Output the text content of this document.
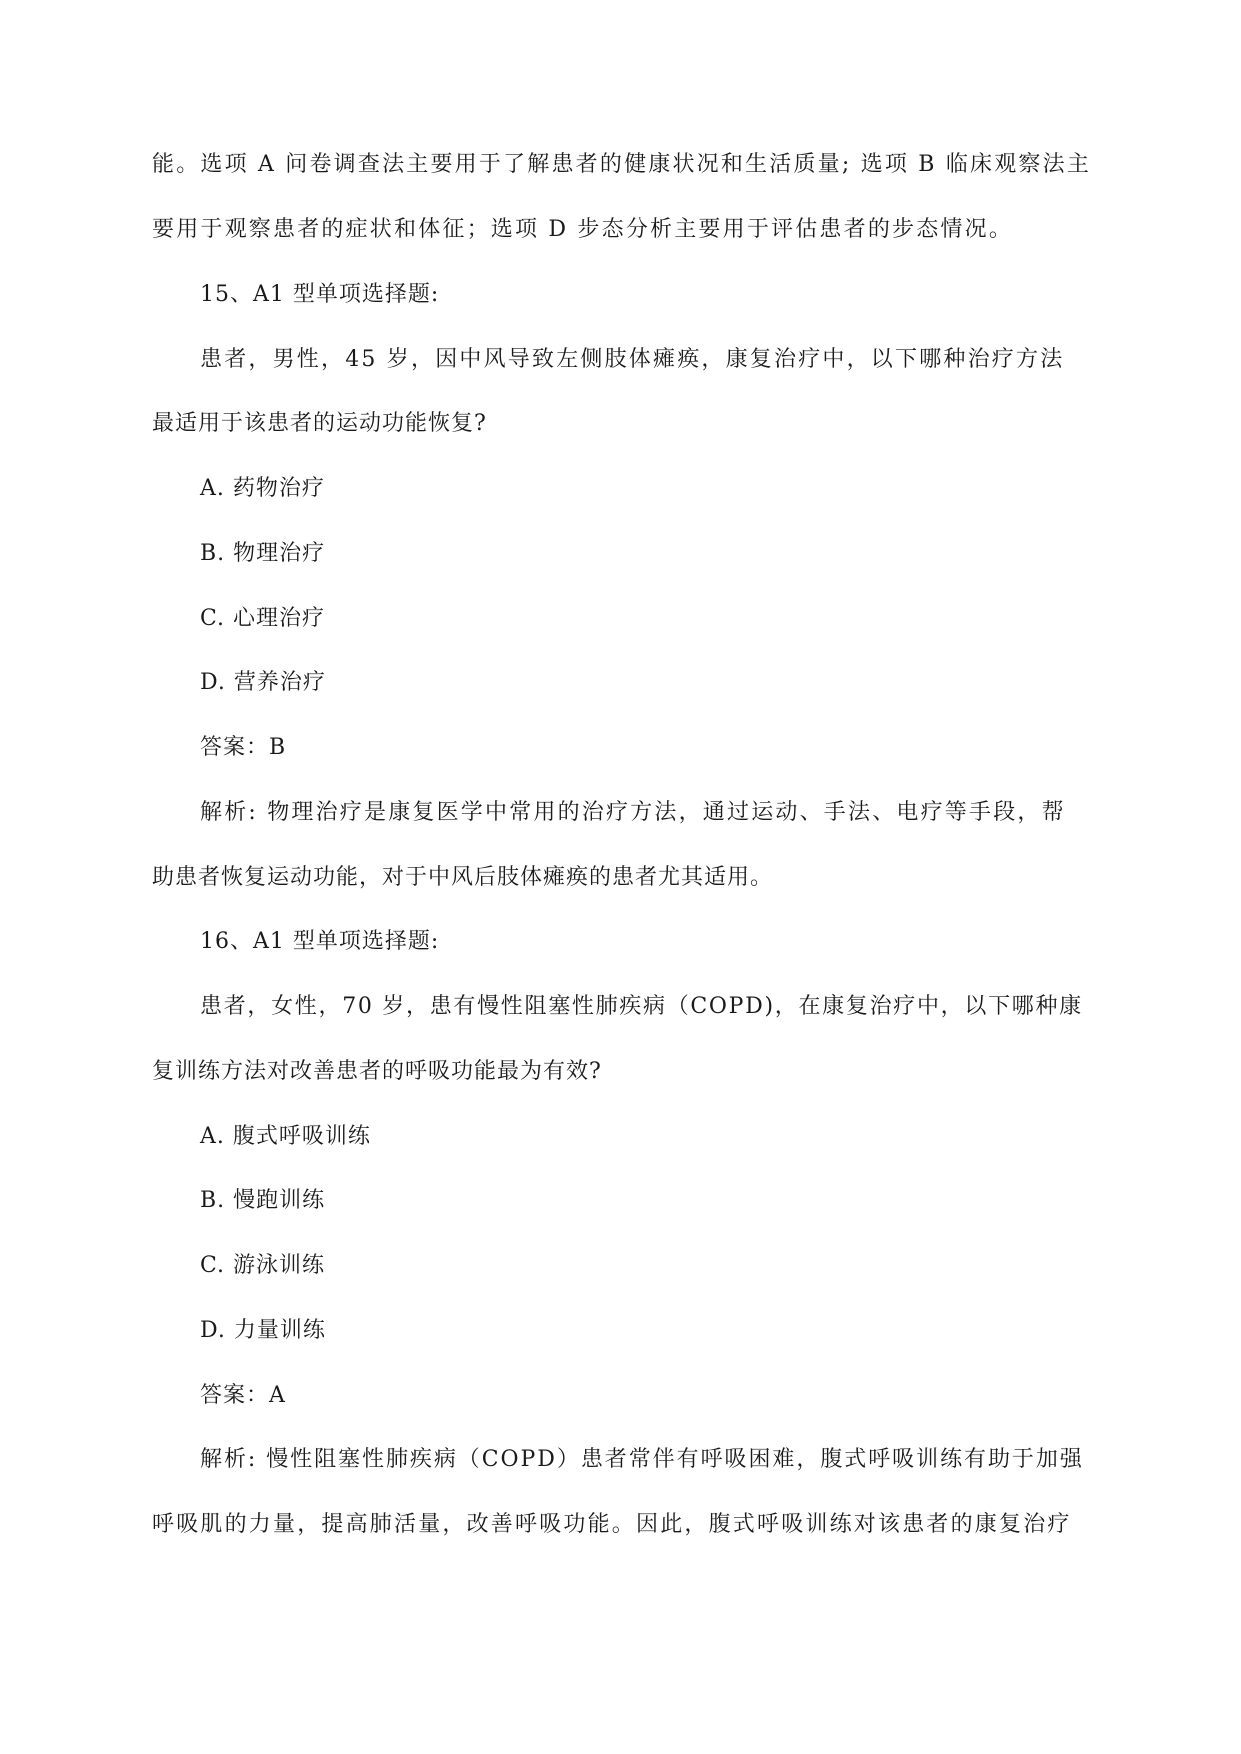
能。选项 A 问卷调查法主要用于了解患者的健康状况和生活质量; 选项 B 临床观察法主
要用于观察患者的症状和体征；选项 D 步态分析主要用于评估患者的步态情况。
15、A1 型单项选择题:
患者，男性，45 岁，因中风导致左侧肢体瘫痪，康复治疗中，以下哪种治疗方法
最适用于该患者的运动功能恢复?
A. 药物治疗
B. 物理治疗
C. 心理治疗
D. 营养治疗
答案：B
解析: 物理治疗是康复医学中常用的治疗方法，通过运动、手法、电疗等手段，帮
助患者恢复运动功能，对于中风后肢体瘫痪的患者尤其适用。
16、A1 型单项选择题:
患者，女性，70 岁，患有慢性阻塞性肺疾病（COPD)，在康复治疗中，以下哪种康
复训练方法对改善患者的呼吸功能最为有效?
A. 腹式呼吸训练
B. 慢跑训练
C. 游泳训练
D. 力量训练
答案：A
解析: 慢性阻塞性肺疾病（COPD）患者常伴有呼吸困难，腹式呼吸训练有助于加强
呼吸肌的力量，提高肺活量，改善呼吸功能。因此，腹式呼吸训练对该患者的康复治疗
